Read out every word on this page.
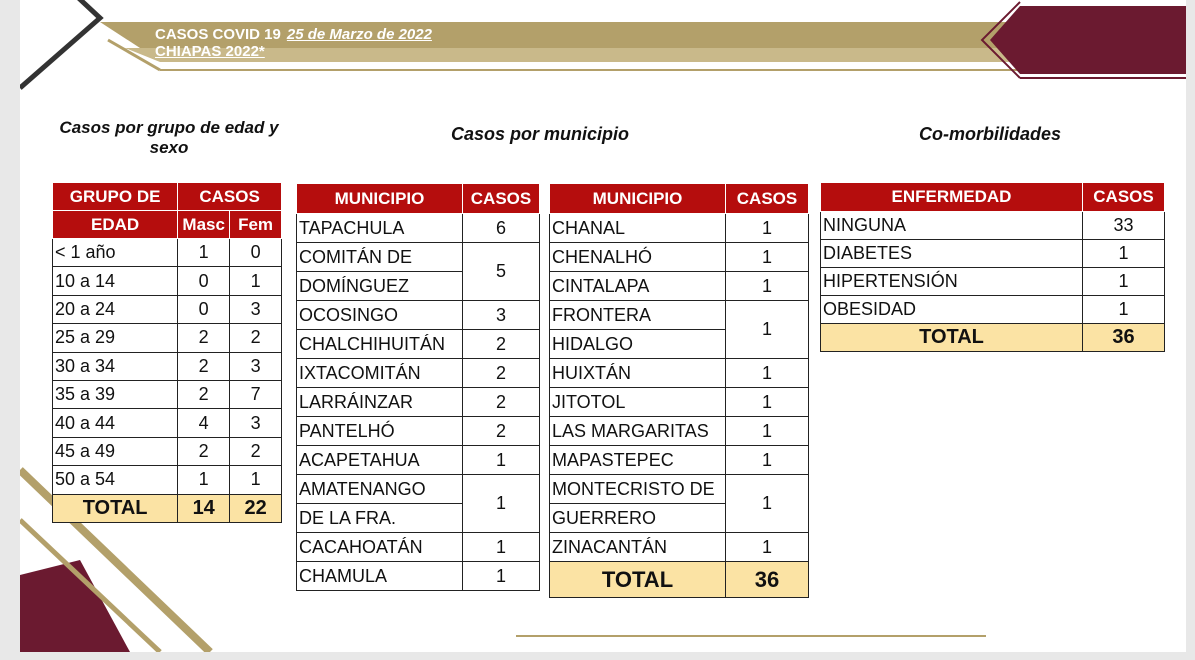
CASOS COVID 19 25 de Marzo de 2022
CHIAPAS 2022*
Casos por grupo de edad y sexo
Casos por municipio	Co-morbilidades
GRUPO DE	CASOS	
EDAD	Masc	Fem
< 1 año	1	0
10 a 14	0	1
20 a 24	0	3
25 a 29	2	2
30 a 34	2	3
35 a 39	2	7
40 a 44	4	3
45 a 49	2	2
50 a 54	1	1
TOTAL	14	22
MUNICIPIO	CASOS
TAPACHULA	6
COMITÁN DE	5
DOMÍNGUEZ	
OCOSINGO	3
CHALCHIHUITÁN	2
IXTACOMITÁN	2
LARRÁINZAR	2
PANTELHÓ	2
ACAPETAHUA	1
AMATENANGO	1
DE LA FRA.	
CACAHOATÁN	1
CHAMULA	1
MUNICIPIO	CASOS
CHANAL	1
CHENALHÓ	1
CINTALAPA	1
FRONTERA	1
HIDALGO	
HUIXTÁN	1
JITOTOL	1
LAS MARGARITAS	1
MAPASTEPEC	1
MONTECRISTO DE	1
GUERRERO	
ZINACANTÁN	1
TOTAL	36
ENFERMEDAD	CASOS
NINGUNA	33
DIABETES	1
HIPERTENSIÓN	1
OBESIDAD	1
TOTAL	36
